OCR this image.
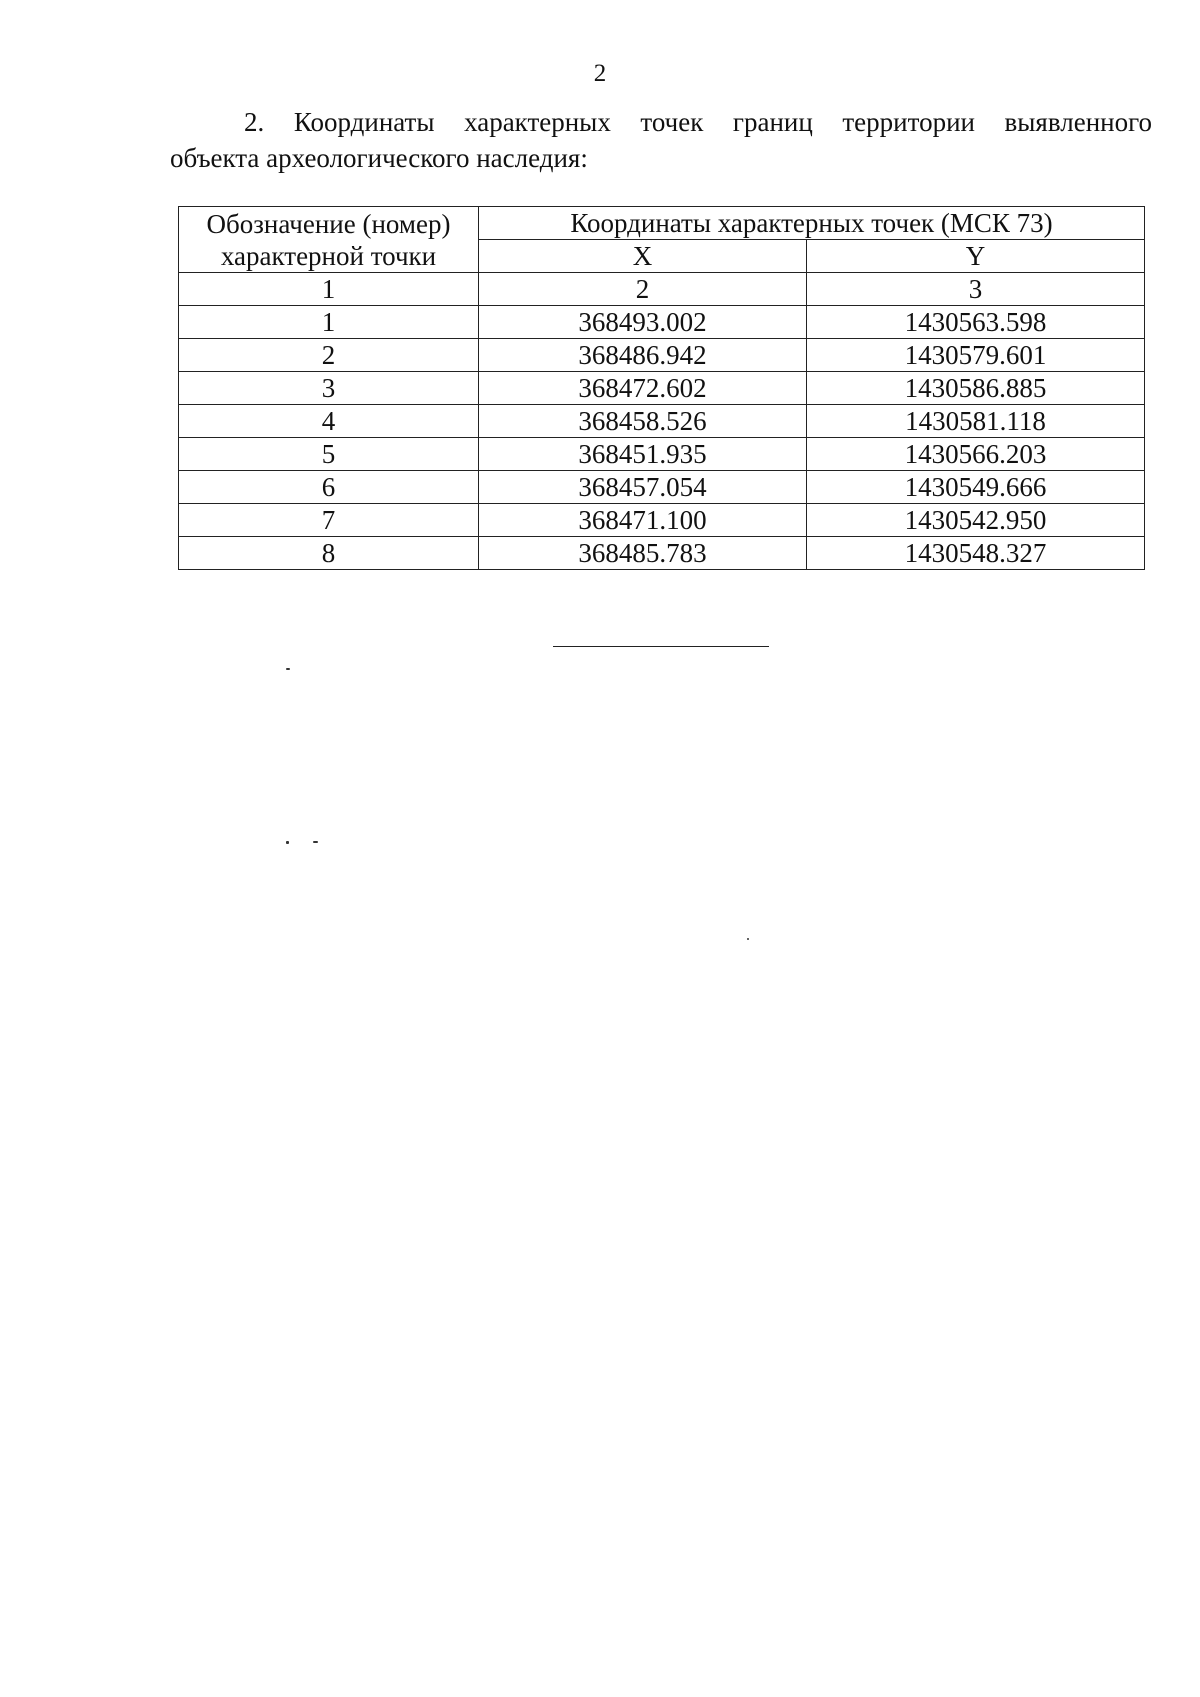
2
2. Координаты характерных точек границ территории выявленного
объекта археологического наследия:
Обозначение (номер)
характерной точки	Координаты характерных точек (МСК 73)	
	X	Y
1	2	3
1	368493.002	1430563.598
2	368486.942	1430579.601
3	368472.602	1430586.885
4	368458.526	1430581.118
5	368451.935	1430566.203
6	368457.054	1430549.666
7	368471.100	1430542.950
8	368485.783	1430548.327
